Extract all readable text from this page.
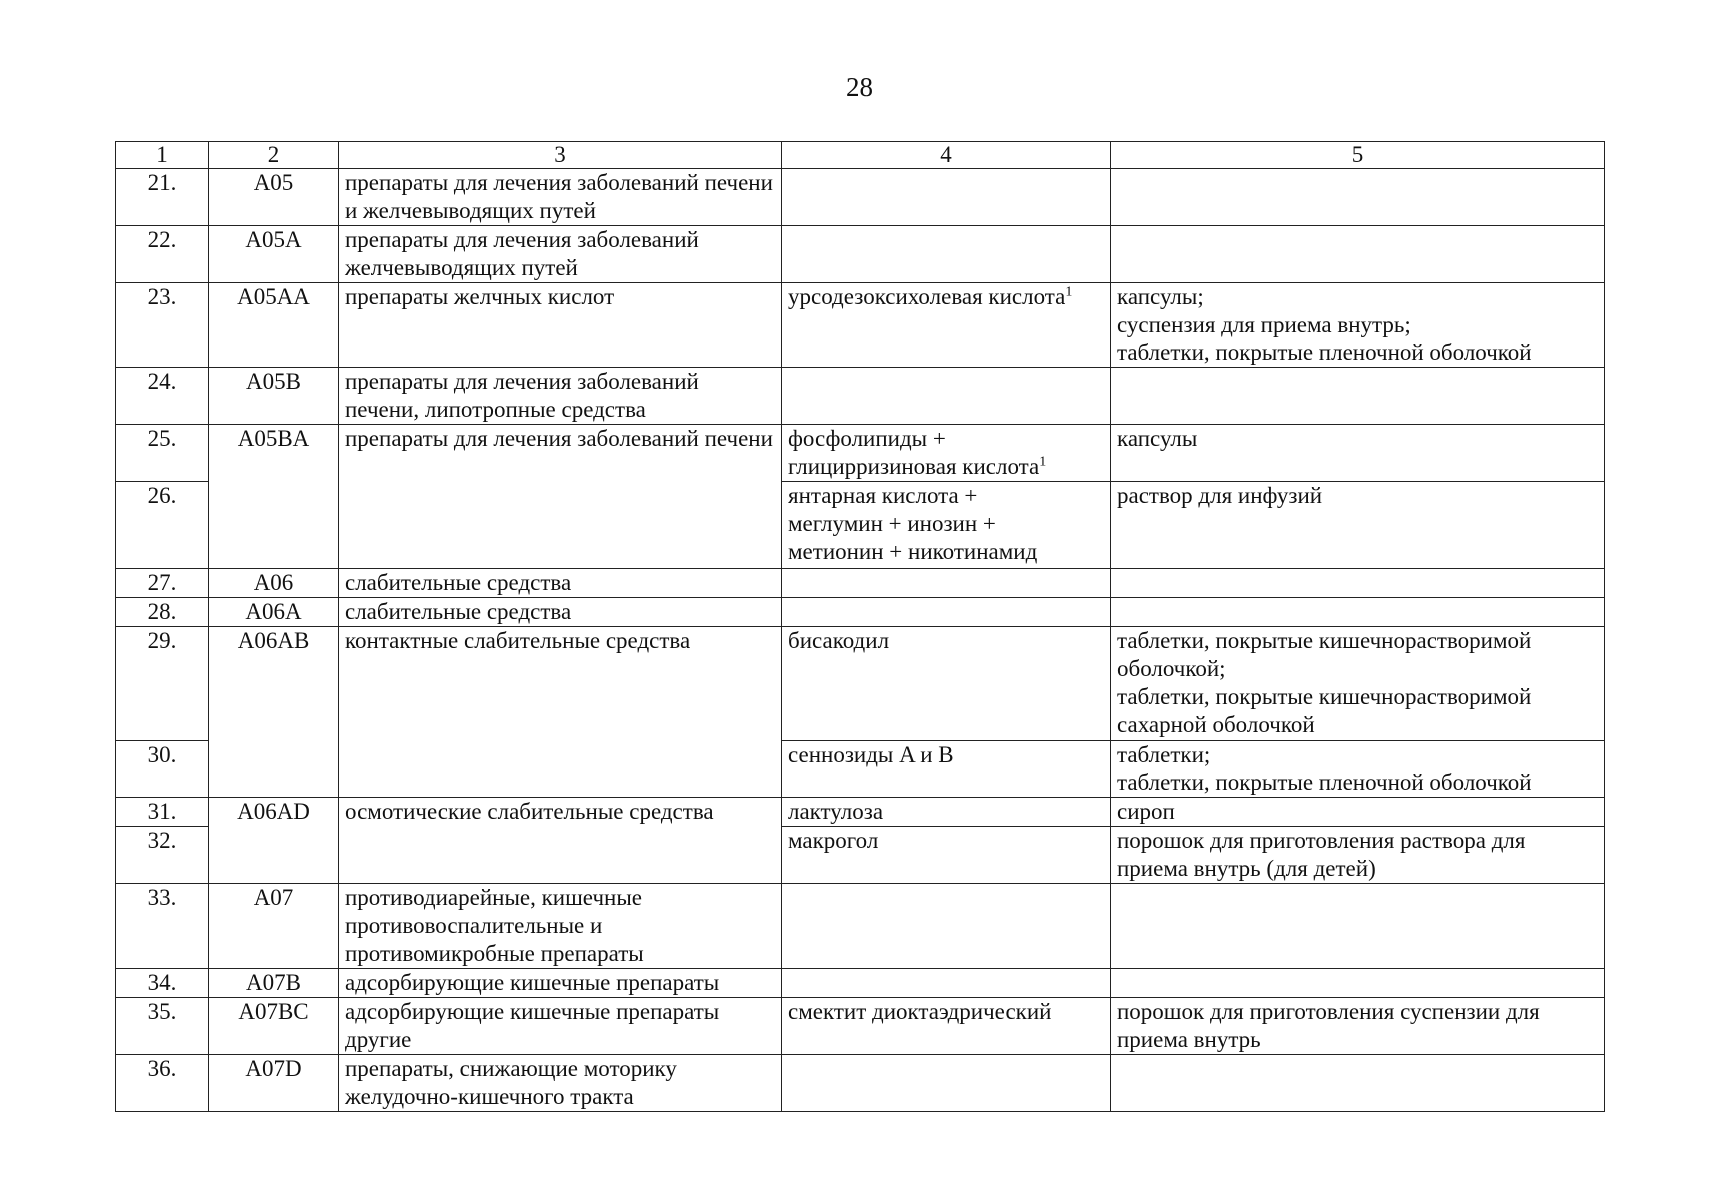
28
1	2	3	4	5
21.	A05	препараты для лечения заболеваний печени и желчевыводящих путей		
22.	A05A	препараты для лечения заболеваний желчевыводящих путей		
23.	A05AA	препараты желчных кислот	урсодезоксихолевая кислота$^1$	капсулы;
суспензия для приема внутрь;
таблетки, покрытые пленочной оболочкой
24.	A05B	препараты для лечения заболеваний печени, липотропные средства		
25.	A05BA	препараты для лечения заболеваний печени	фосфолипиды +
глицирризиновая кислота$^1$	капсулы
26.			янтарная кислота +
меглумин + инозин +
метионин + никотинамид	раствор для инфузий
27.	A06	слабительные средства		
28.	A06A	слабительные средства		
29.	A06AB	контактные слабительные средства	бисакодил	таблетки, покрытые кишечнорастворимой оболочкой;
таблетки, покрытые кишечнорастворимой сахарной оболочкой
30.			сеннозиды A и B	таблетки;
таблетки, покрытые пленочной оболочкой
31.	A06AD	осмотические слабительные средства	лактулоза	сироп
32.			макрогол	порошок для приготовления раствора для приема внутрь (для детей)
33.	A07	противодиарейные, кишечные противовоспалительные и противомикробные препараты		
34.	A07B	адсорбирующие кишечные препараты		
35.	A07BC	адсорбирующие кишечные препараты другие	смектит диоктаэдрический	порошок для приготовления суспензии для приема внутрь
36.	A07D	препараты, снижающие моторику желудочно-кишечного тракта		
